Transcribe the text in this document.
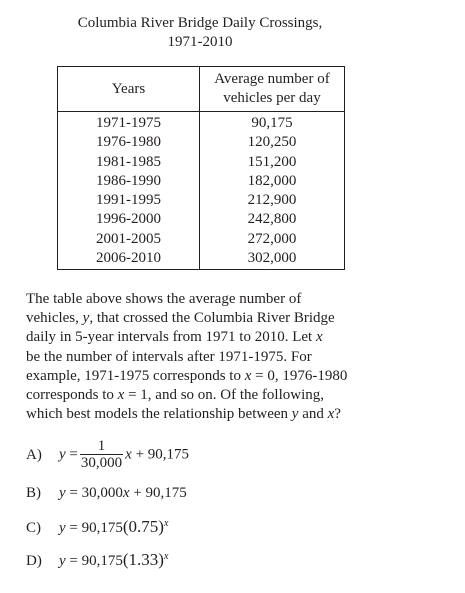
Columbia River Bridge Daily Crossings,
1971-2010
Years	Average number of
vehicles per day
1971-1975	90,175
1976-1980	120,250
1981-1985	151,200
1986-1990	182,000
1991-1995	212,900
1996-2000	242,800
2001-2005	272,000
2006-2010	302,000
The table above shows the average number of
vehicles, y, that crossed the Columbia River Bridge
daily in 5-year intervals from 1971 to 2010. Let x
be the number of intervals after 1971-1975. For
example, 1971-1975 corresponds to x = 0, 1976-1980
corresponds to x = 1, and so on. Of the following,
which best models the relationship between y and x?
A) $y = \frac{1}{30,000}$ x + 90,175
B) y = 30,000x + 90,175
C) $y = 90,175(0.75)^x$
D) $y = 90,175(1.33)^x$
